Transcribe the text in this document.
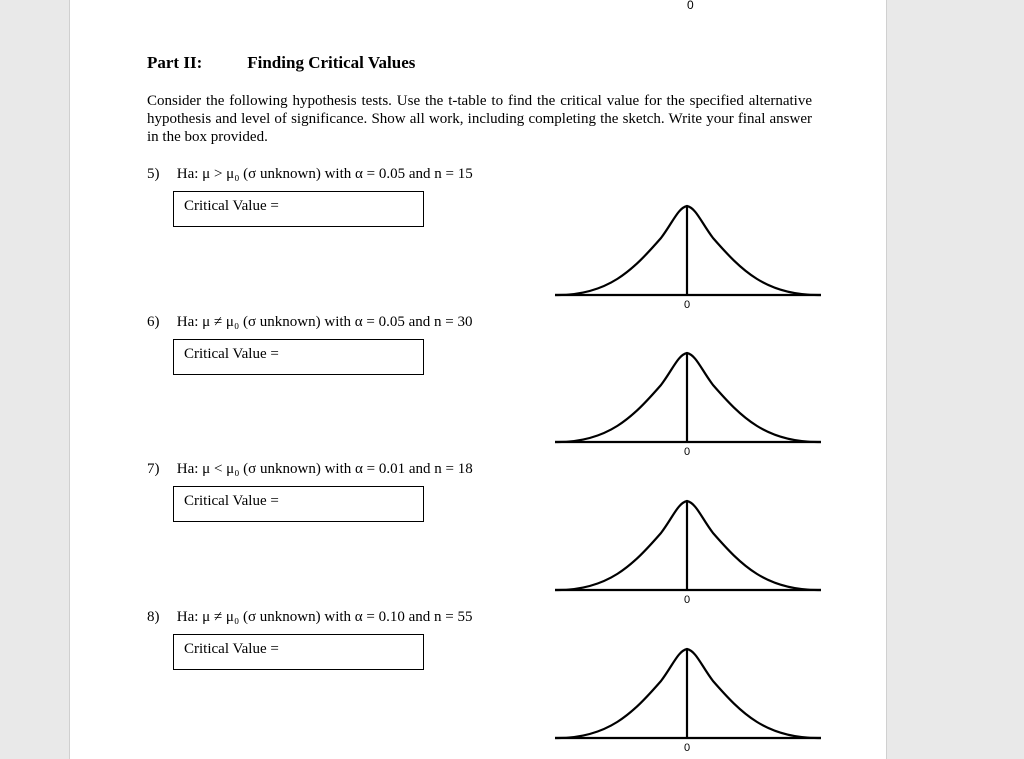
0
Part II:	Finding Critical Values
Consider the following hypothesis tests. Use the t-table to find the critical value for the specified alternative hypothesis and level of significance. Show all work, including completing the sketch. Write your final answer in the box provided.
5) Ha: μ > μ₀ (σ unknown) with α = 0.05 and n = 15
Critical Value =
0
6) Ha: μ ≠ μ₀ (σ unknown) with α = 0.05 and n = 30
Critical Value =
0
7) Ha: μ < μ₀ (σ unknown) with α = 0.01 and n = 18
Critical Value =
0
8) Ha: μ ≠ μ₀ (σ unknown) with α = 0.10 and n = 55
Critical Value =
0
